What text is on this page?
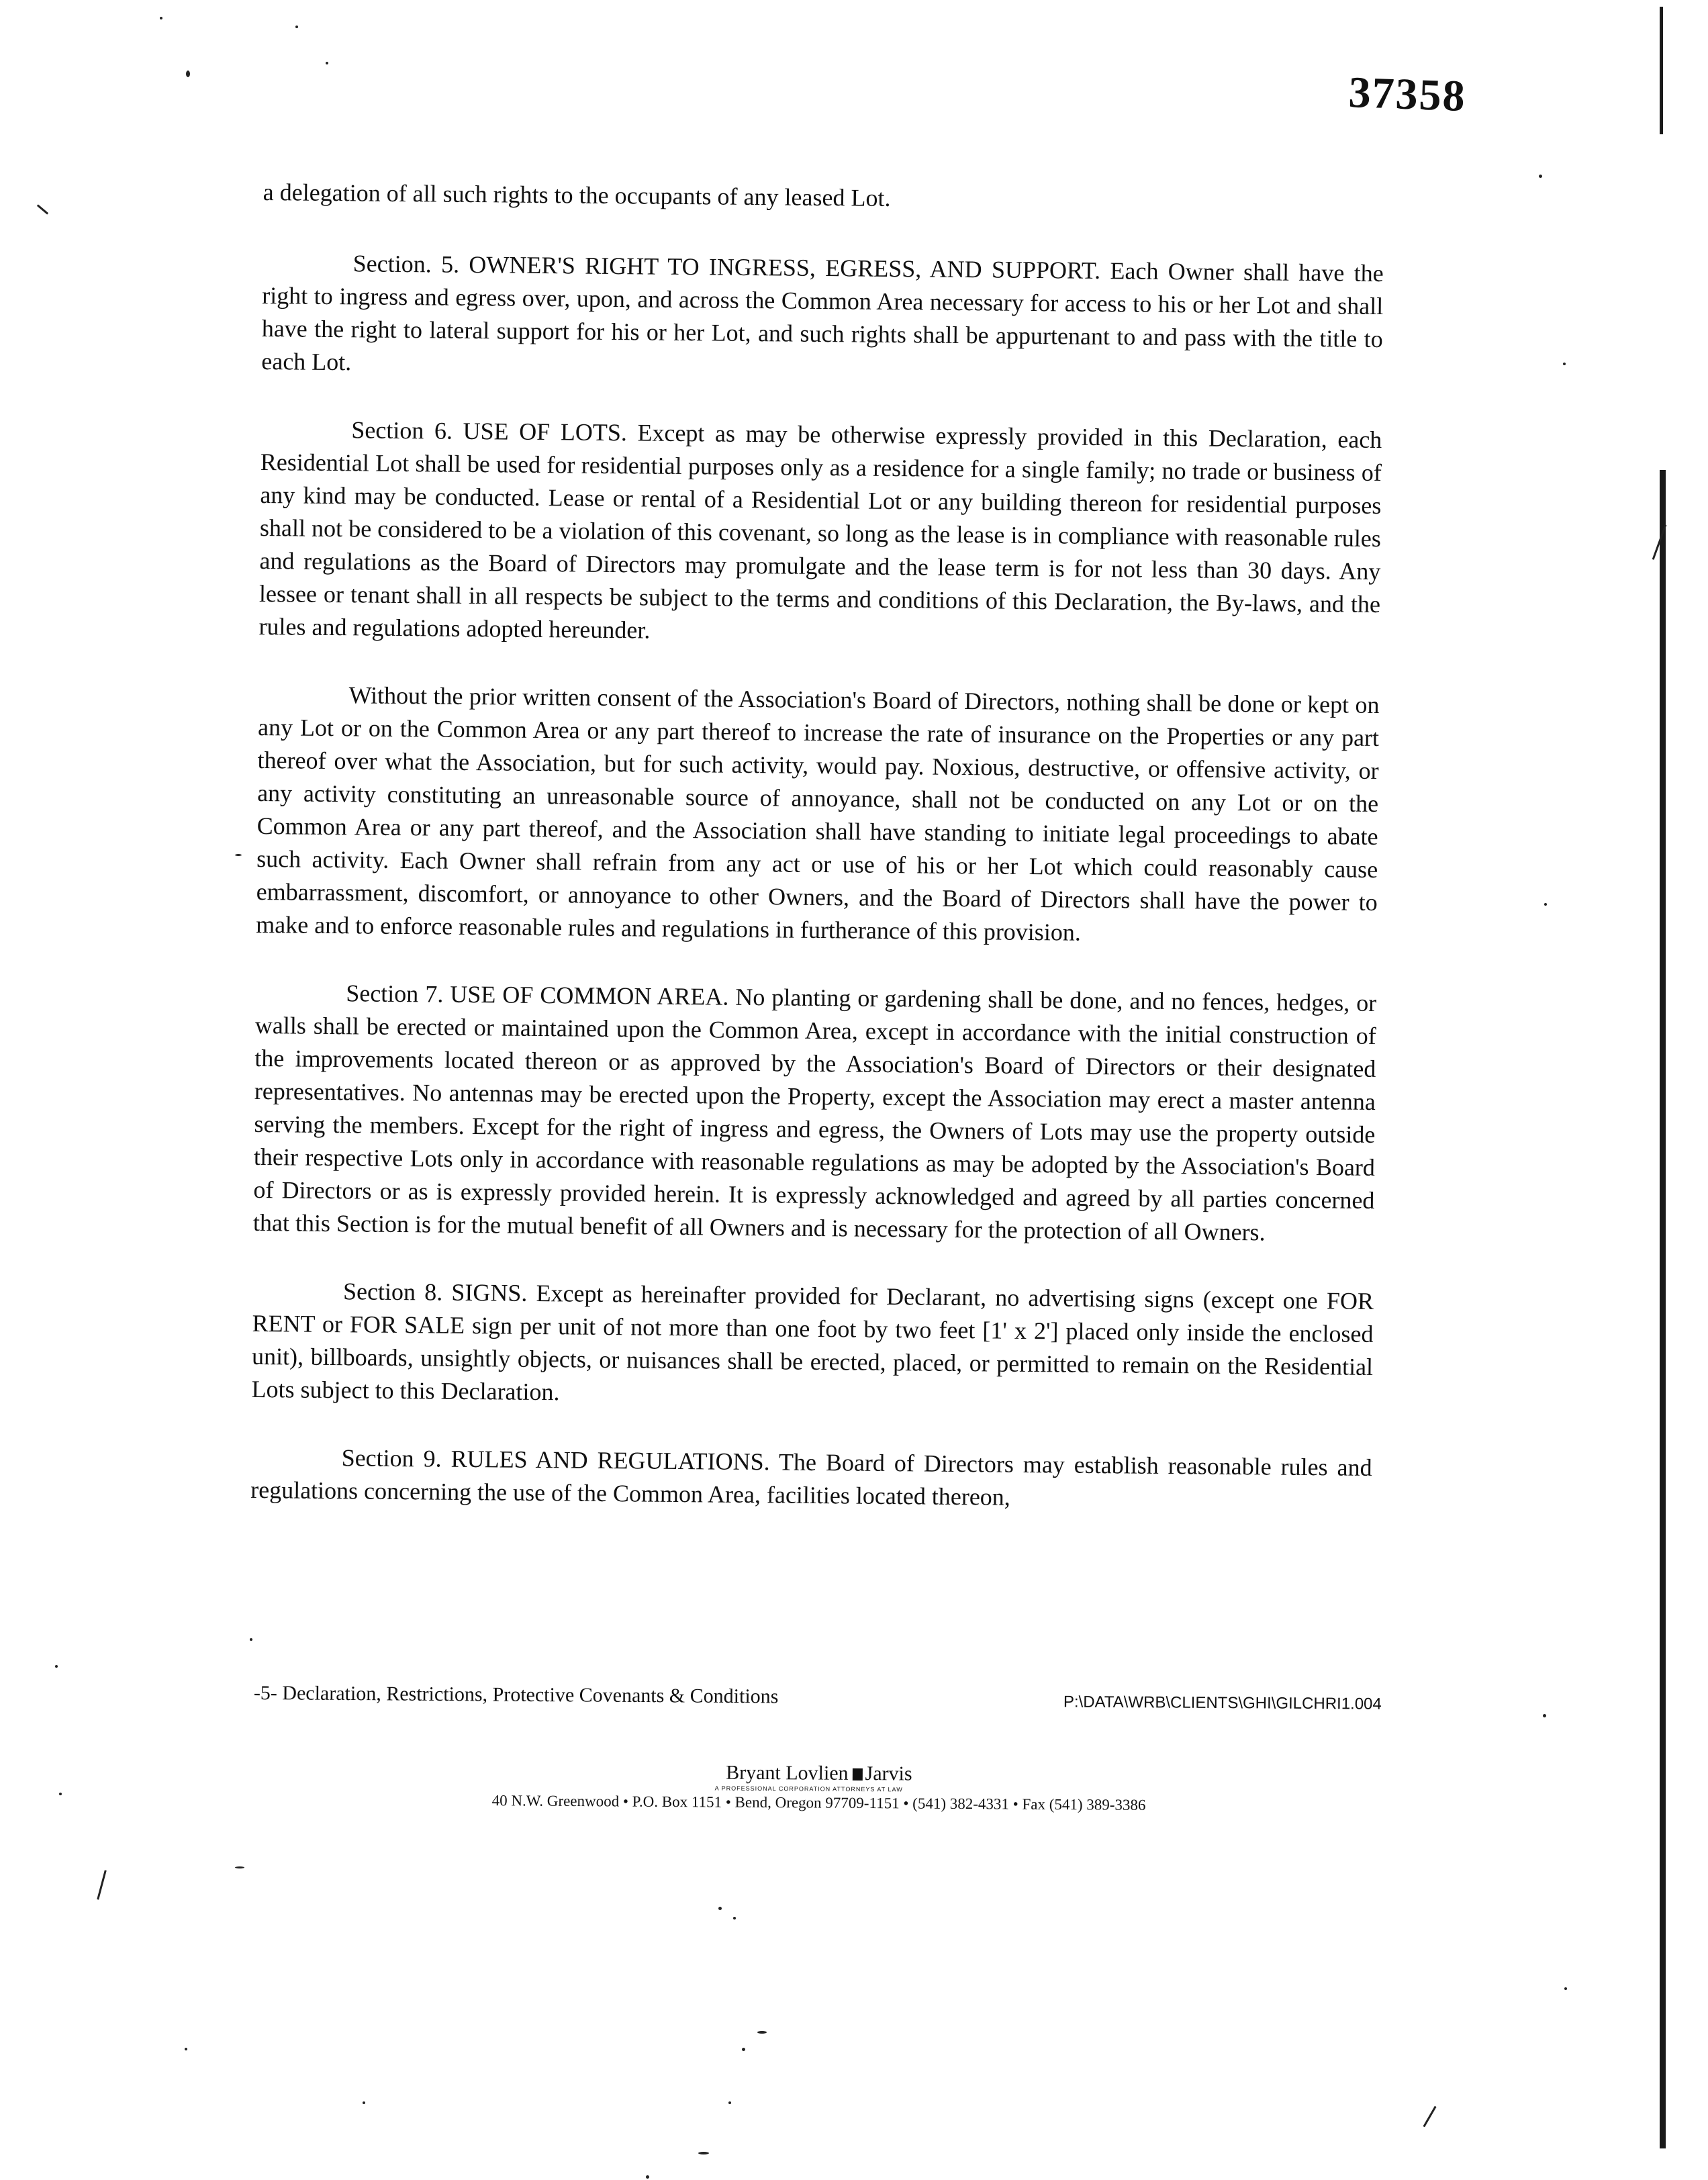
37358

a delegation of all such rights to the occupants of any leased Lot.

Section. 5. OWNER'S RIGHT TO INGRESS, EGRESS, AND SUPPORT. Each Owner shall have the right to ingress and egress over, upon, and across the Common Area necessary for access to his or her Lot and shall have the right to lateral support for his or her Lot, and such rights shall be appurtenant to and pass with the title to each Lot.

Section 6. USE OF LOTS. Except as may be otherwise expressly provided in this Declaration, each Residential Lot shall be used for residential purposes only as a residence for a single family; no trade or business of any kind may be conducted. Lease or rental of a Residential Lot or any building thereon for residential purposes shall not be considered to be a violation of this covenant, so long as the lease is in compliance with reasonable rules and regulations as the Board of Directors may promulgate and the lease term is for not less than 30 days. Any lessee or tenant shall in all respects be subject to the terms and conditions of this Declaration, the By-laws, and the rules and regulations adopted hereunder.

Without the prior written consent of the Association's Board of Directors, nothing shall be done or kept on any Lot or on the Common Area or any part thereof to increase the rate of insurance on the Properties or any part thereof over what the Association, but for such activity, would pay. Noxious, destructive, or offensive activity, or any activity constituting an unreasonable source of annoyance, shall not be conducted on any Lot or on the Common Area or any part thereof, and the Association shall have standing to initiate legal proceedings to abate such activity. Each Owner shall refrain from any act or use of his or her Lot which could reasonably cause embarrassment, discomfort, or annoyance to other Owners, and the Board of Directors shall have the power to make and to enforce reasonable rules and regulations in furtherance of this provision.

Section 7. USE OF COMMON AREA. No planting or gardening shall be done, and no fences, hedges, or walls shall be erected or maintained upon the Common Area, except in accordance with the initial construction of the improvements located thereon or as approved by the Association's Board of Directors or their designated representatives. No antennas may be erected upon the Property, except the Association may erect a master antenna serving the members. Except for the right of ingress and egress, the Owners of Lots may use the property outside their respective Lots only in accordance with reasonable regulations as may be adopted by the Association's Board of Directors or as is expressly provided herein. It is expressly acknowledged and agreed by all parties concerned that this Section is for the mutual benefit of all Owners and is necessary for the protection of all Owners.

Section 8. SIGNS. Except as hereinafter provided for Declarant, no advertising signs (except one FOR RENT or FOR SALE sign per unit of not more than one foot by two feet [1' x 2'] placed only inside the enclosed unit), billboards, unsightly objects, or nuisances shall be erected, placed, or permitted to remain on the Residential Lots subject to this Declaration.

Section 9. RULES AND REGULATIONS. The Board of Directors may establish reasonable rules and regulations concerning the use of the Common Area, facilities located thereon,

-5- Declaration, Restrictions, Protective Covenants & Conditions	P:\DATA\WRB\CLIENTS\GHI\GILCHRI1.004
Bryant Lovlien Jarvis
A PROFESSIONAL CORPORATION ATTORNEYS AT LAW
40 N.W. Greenwood • P.O. Box 1151 • Bend, Oregon 97709-1151 • (541) 382-4331 • Fax (541) 389-3386
